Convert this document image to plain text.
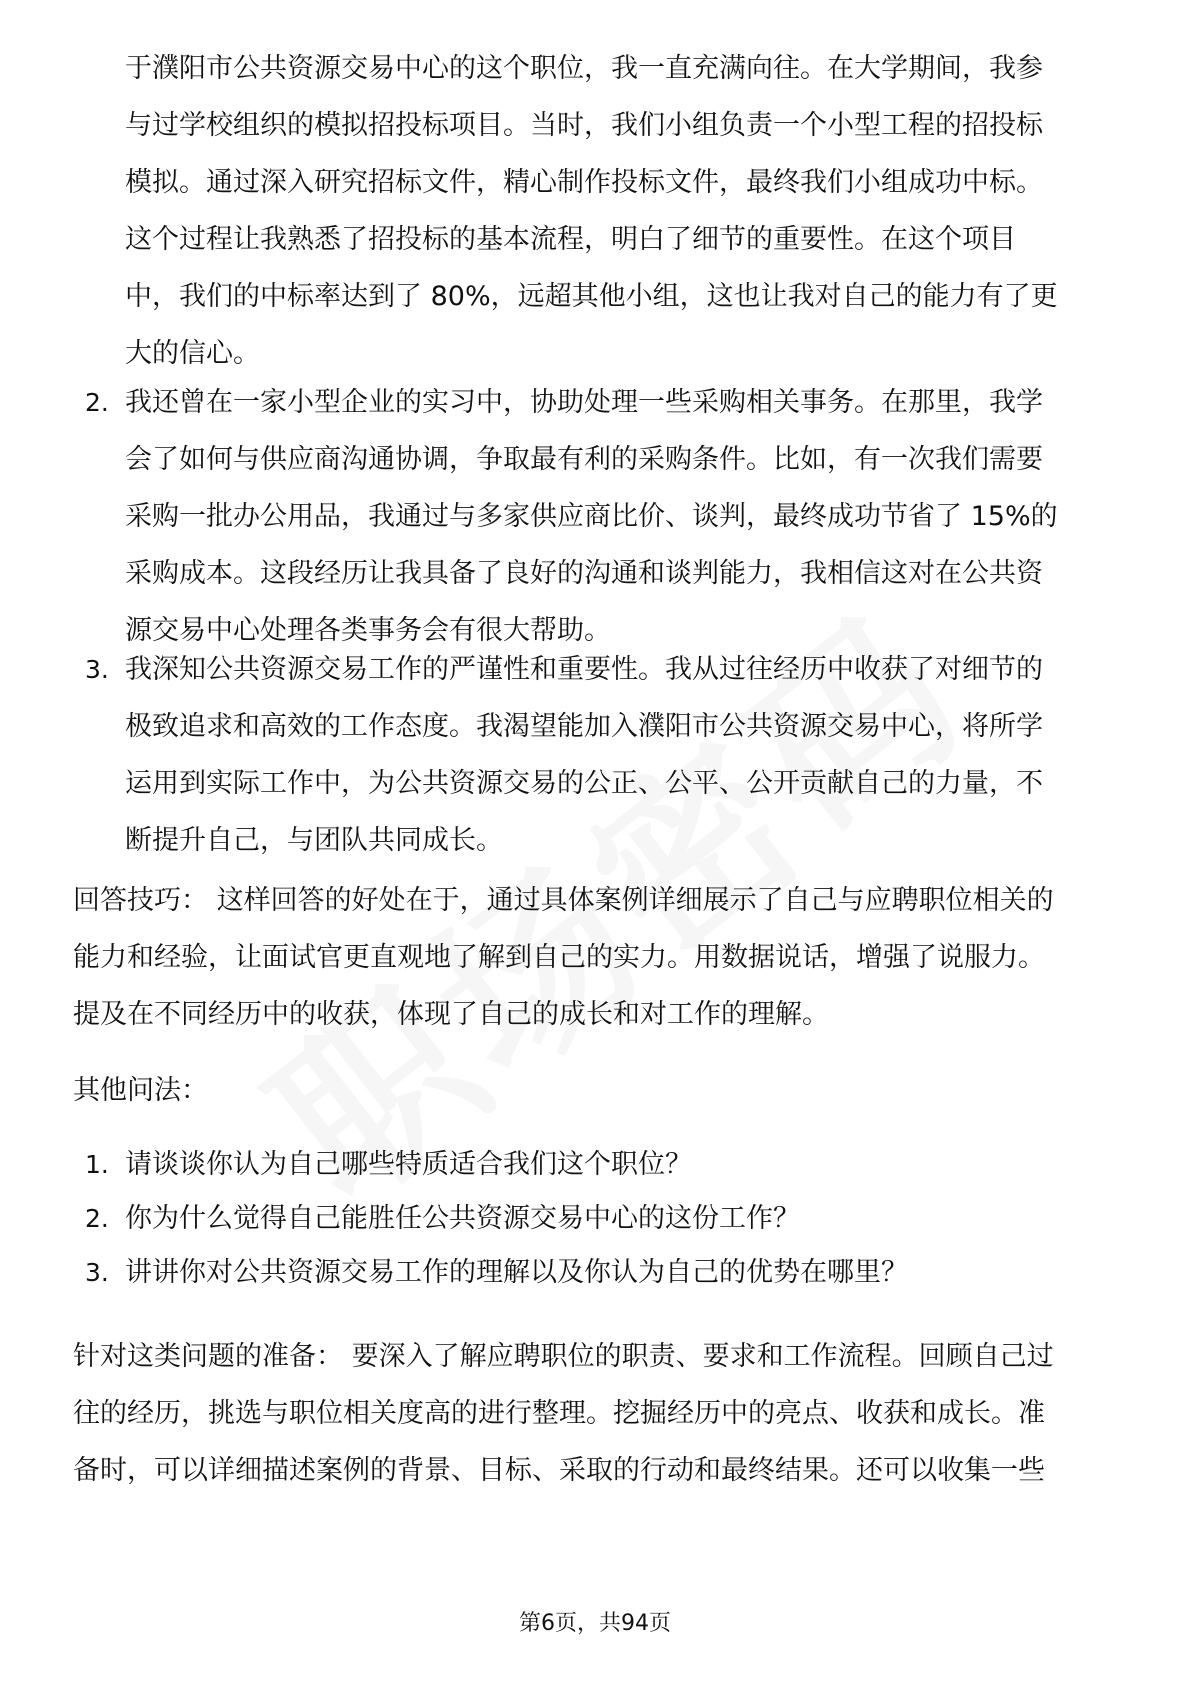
于濮阳市公共资源交易中心的这个职位，我一直充满向往。在大学期间，我参
与过学校组织的模拟招投标项目。当时，我们小组负责一个小型工程的招投标
模拟。通过深入研究招标文件，精心制作投标文件，最终我们小组成功中标。
这个过程让我熟悉了招投标的基本流程，明白了细节的重要性。在这个项目
中，我们的中标率达到了 80%，远超其他小组，这也让我对自己的能力有了更
大的信心。
2. 我还曾在一家小型企业的实习中，协助处理一些采购相关事务。在那里，我学
会了如何与供应商沟通协调，争取最有利的采购条件。比如，有一次我们需要
采购一批办公用品，我通过与多家供应商比价、谈判，最终成功节省了 15%的
采购成本。这段经历让我具备了良好的沟通和谈判能力，我相信这对在公共资
源交易中心处理各类事务会有很大帮助。
3. 我深知公共资源交易工作的严谨性和重要性。我从过往经历中收获了对细节的
极致追求和高效的工作态度。我渴望能加入濮阳市公共资源交易中心，将所学
运用到实际工作中，为公共资源交易的公正、公平、公开贡献自己的力量，不
断提升自己，与团队共同成长。
回答技巧： 这样回答的好处在于，通过具体案例详细展示了自己与应聘职位相关的
能力和经验，让面试官更直观地了解到自己的实力。用数据说话，增强了说服力。
提及在不同经历中的收获，体现了自己的成长和对工作的理解。
其他问法：
1. 请谈谈你认为自己哪些特质适合我们这个职位？
2. 你为什么觉得自己能胜任公共资源交易中心的这份工作？
3. 讲讲你对公共资源交易工作的理解以及你认为自己的优势在哪里？
针对这类问题的准备： 要深入了解应聘职位的职责、要求和工作流程。回顾自己过
往的经历，挑选与职位相关度高的进行整理。挖掘经历中的亮点、收获和成长。准
备时，可以详细描述案例的背景、目标、采取的行动和最终结果。还可以收集一些
第6页，共94页
